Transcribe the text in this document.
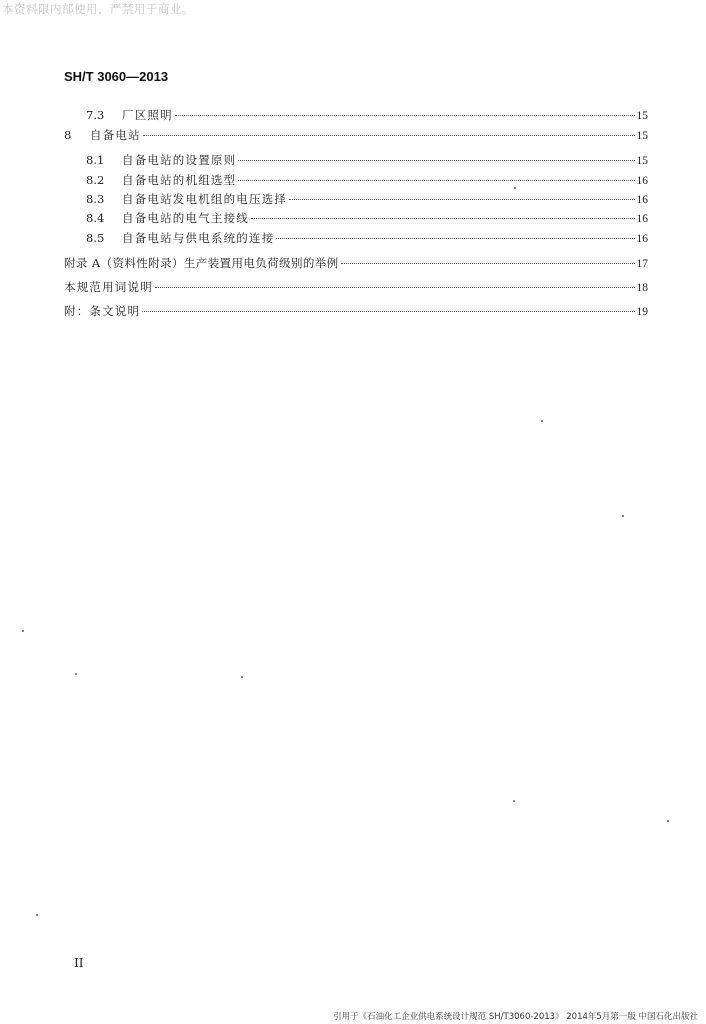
本资料限内部使用，严禁用于商业。
SH/T 3060—2013
7.3	厂区照明	15
8	自备电站	15
8.1	自备电站的设置原则	15
8.2	自备电站的机组选型	16
8.3	自备电站发电机组的电压选择	16
8.4	自备电站的电气主接线	16
8.5	自备电站与供电系统的连接	16
附录 A（资料性附录）生产装置用电负荷级别的举例	17
本规范用词说明	18
附：条文说明	19
II
引用于《石油化工企业供电系统设计规范 SH/T3060-2013》 2014年5月第一版 中国石化出版社
